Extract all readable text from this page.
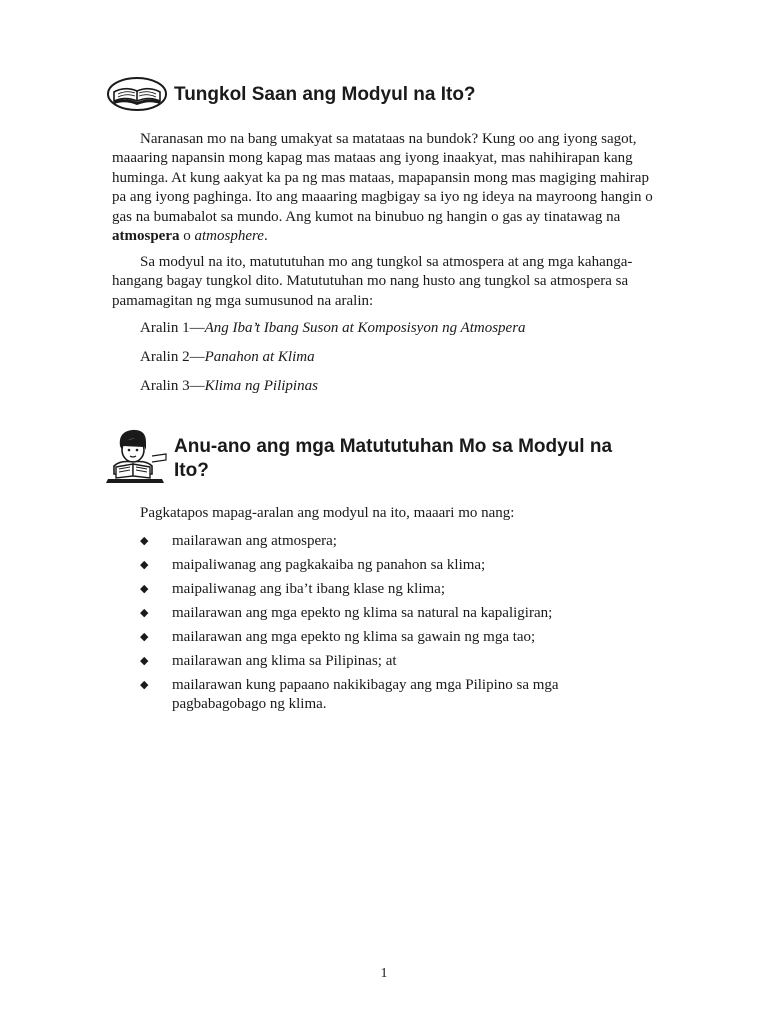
Tungkol Saan ang Modyul na Ito?

Naranasan mo na bang umakyat sa matataas na bundok? Kung oo ang iyong sagot, maaaring napansin mong kapag mas mataas ang iyong inaakyat, mas nahihirapan kang huminga. At kung aakyat ka pa ng mas mataas, mapapansin mong mas magiging mahirap pa ang iyong paghinga. Ito ang maaaring magbigay sa iyo ng ideya na mayroong hangin o gas na bumabalot sa mundo. Ang kumot na binubuo ng hangin o gas ay tinatawag na atmospera o atmosphere.

Sa modyul na ito, matututuhan mo ang tungkol sa atmospera at ang mga kahanga-hangang bagay tungkol dito. Matututuhan mo nang husto ang tungkol sa atmospera sa pamamagitan ng mga sumusunod na aralin:

Aralin 1—Ang Iba’t Ibang Suson at Komposisyon ng Atmospera
Aralin 2—Panahon at Klima
Aralin 3—Klima ng Pilipinas
Anu-ano ang mga Matututuhan Mo sa Modyul na
Ito?
Pagkatapos mapag-aralan ang modyul na ito, maaari mo nang:
◆ mailarawan ang atmospera;
◆ maipaliwanag ang pagkakaiba ng panahon sa klima;
◆ maipaliwanag ang iba’t ibang klase ng klima;
◆ mailarawan ang mga epekto ng klima sa natural na kapaligiran;
◆ mailarawan ang mga epekto ng klima sa gawain ng mga tao;
◆ mailarawan ang klima sa Pilipinas; at
◆ mailarawan kung papaano nakikibagay ang mga Pilipino sa mga pagbabagobago ng klima.
1
